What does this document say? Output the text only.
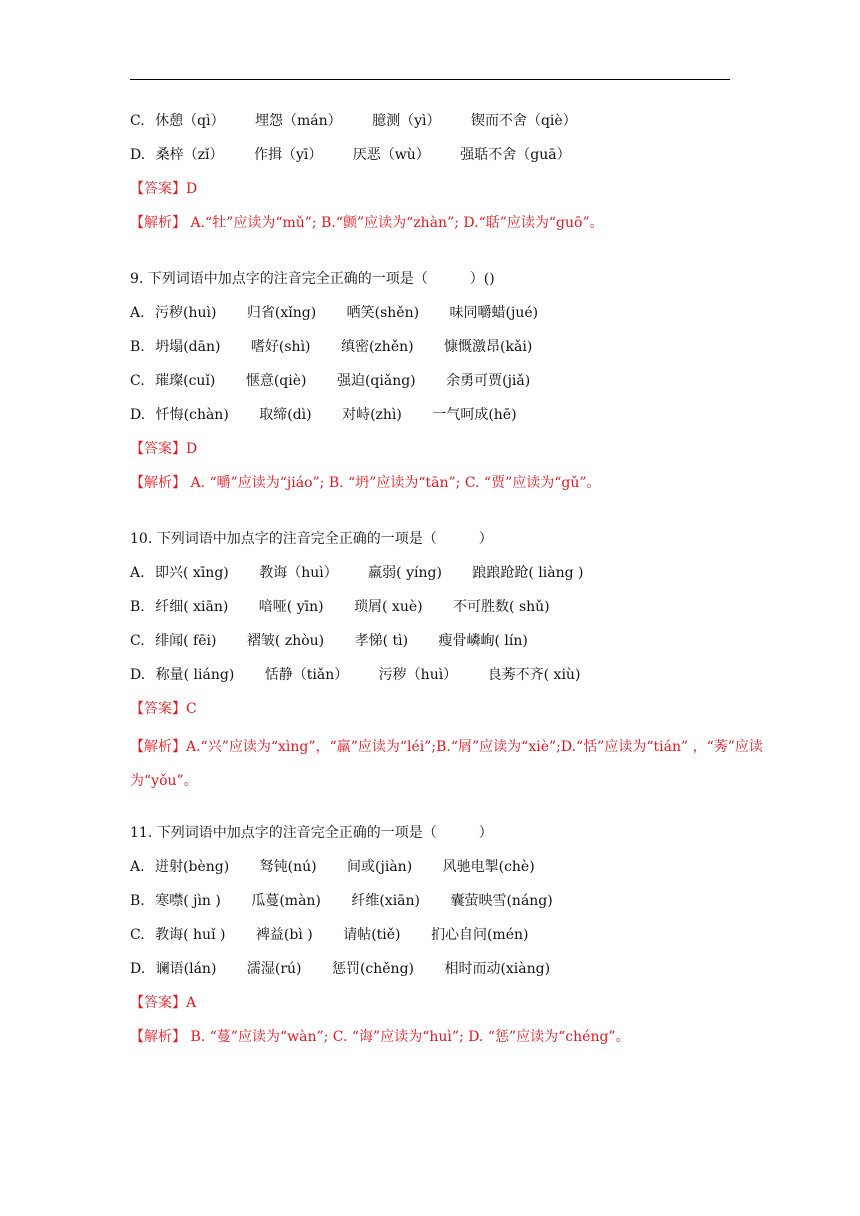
C. 休憩（qì） 埋怨（mán） 臆测（yì） 锲而不舍（qiè）
D. 桑梓（zǐ） 作揖（yī） 厌恶（wù） 强聒不舍（guā）
【答案】D
【解析】 A.“牡”应读为“mǔ”; B.“颤”应读为“zhàn”; D.“聒”应读为“guō”。
9. 下列词语中加点字的注音完全正确的一项是（　　　）()
A. 污秽(huì) 归省(xǐng) 哂笑(shěn) 味同嚼蜡(jué)
B. 坍塌(dān) 嗜好(shì) 缜密(zhěn) 慷慨激昂(kǎi)
C. 璀璨(cuǐ) 惬意(qiè) 强迫(qiǎng) 余勇可贾(jiǎ)
D. 忏悔(chàn) 取缔(dì) 对峙(zhì) 一气呵成(hē)
【答案】D
【解析】 A. “嚼”应读为“jiáo”; B. “坍”应读为“tān”; C. “贾”应读为“gǔ”。
10. 下列词语中加点字的注音完全正确的一项是（　　　）
A. 即兴( xīng) 教诲（huì） 羸弱( yíng) 踉踉跄跄( liàng )
B. 纤细( xiān) 喑哑( yīn) 琐屑( xuè) 不可胜数( shǔ)
C. 绯闻( fēi) 褶皱( zhòu) 孝悌( tì) 瘦骨嶙峋( lín)
D. 称量( liáng) 恬静（tiǎn） 污秽（huì） 良莠不齐( xiù)
【答案】C
【解析】A.“兴”应读为“xìng”，“羸”应读为“léi”;B.“屑”应读为“xiè”;D.“恬”应读为“tián” ，“莠”应读为“yǒu”。
11. 下列词语中加点字的注音完全正确的一项是（　　　）
A. 迸射(bèng) 驽钝(nú) 间或(jiàn) 风驰电掣(chè)
B. 寒噤( jìn ) 瓜蔓(màn) 纤维(xiān) 囊萤映雪(náng)
C. 教诲( huǐ ) 裨益(bì ) 请帖(tiě) 扪心自问(mén)
D. 谰语(lán) 濡湿(rú) 惩罚(chěng) 相时而动(xiàng)
【答案】A
【解析】 B. “蔓”应读为“wàn”; C. “诲”应读为“huì”; D. “惩”应读为“chéng”。
